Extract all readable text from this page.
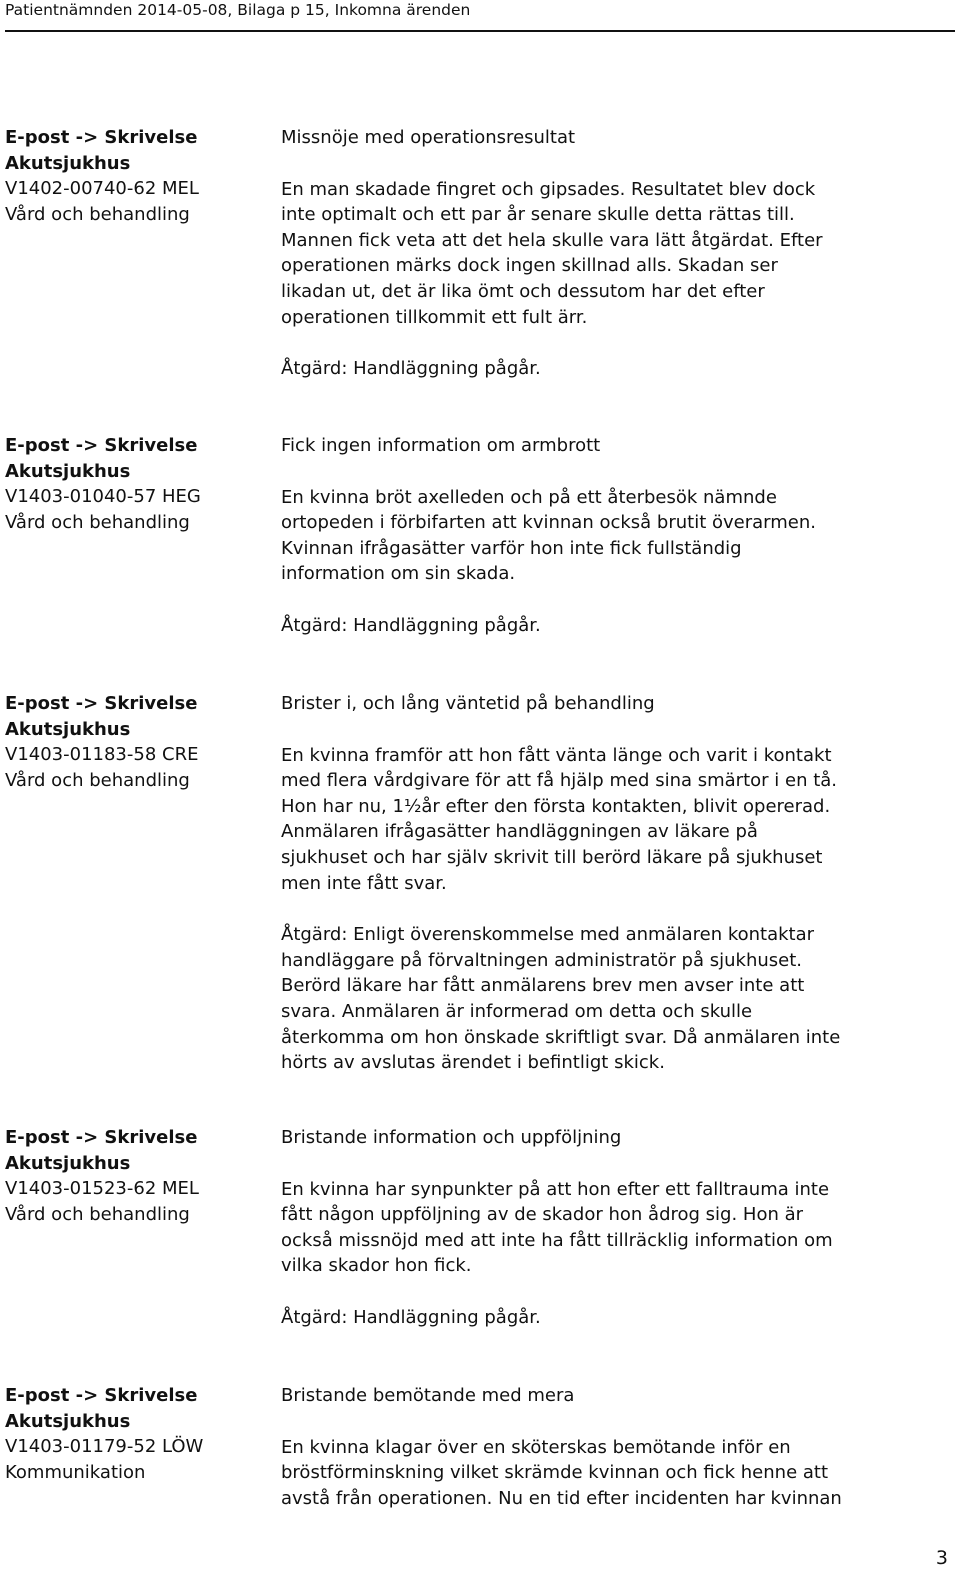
Patientnämnden 2014-05-08, Bilaga p 15, Inkomna ärenden
E-post -> Skrivelse
Akutsjukhus
V1402-00740-62 MEL
Vård och behandling

Missnöje med operationsresultat

En man skadade fingret och gipsades. Resultatet blev dock
inte optimalt och ett par år senare skulle detta rättas till.
Mannen fick veta att det hela skulle vara lätt åtgärdat. Efter
operationen märks dock ingen skillnad alls. Skadan ser
likadan ut, det är lika ömt och dessutom har det efter
operationen tillkommit ett fult ärr.

Åtgärd: Handläggning pågår.

E-post -> Skrivelse
Akutsjukhus
V1403-01040-57 HEG
Vård och behandling

Fick ingen information om armbrott

En kvinna bröt axelleden och på ett återbesök nämnde
ortopeden i förbifarten att kvinnan också brutit överarmen.
Kvinnan ifrågasätter varför hon inte fick fullständig
information om sin skada.

Åtgärd: Handläggning pågår.

E-post -> Skrivelse
Akutsjukhus
V1403-01183-58 CRE
Vård och behandling

Brister i, och lång väntetid på behandling

En kvinna framför att hon fått vänta länge och varit i kontakt
med flera vårdgivare för att få hjälp med sina smärtor i en tå.
Hon har nu, 1½år efter den första kontakten, blivit opererad.
Anmälaren ifrågasätter handläggningen av läkare på
sjukhuset och har själv skrivit till berörd läkare på sjukhuset
men inte fått svar.

Åtgärd: Enligt överenskommelse med anmälaren kontaktar
handläggare på förvaltningen administratör på sjukhuset.
Berörd läkare har fått anmälarens brev men avser inte att
svara. Anmälaren är informerad om detta och skulle
återkomma om hon önskade skriftligt svar. Då anmälaren inte
hörts av avslutas ärendet i befintligt skick.

E-post -> Skrivelse
Akutsjukhus
V1403-01523-62 MEL
Vård och behandling

Bristande information och uppföljning

En kvinna har synpunkter på att hon efter ett falltrauma inte
fått någon uppföljning av de skador hon ådrog sig. Hon är
också missnöjd med att inte ha fått tillräcklig information om
vilka skador hon fick.

Åtgärd: Handläggning pågår.

E-post -> Skrivelse
Akutsjukhus
V1403-01179-52 LÖW
Kommunikation

Bristande bemötande med mera

En kvinna klagar över en sköterskas bemötande inför en
bröstförminskning vilket skrämde kvinnan och fick henne att
avstå från operationen. Nu en tid efter incidenten har kvinnan

3
